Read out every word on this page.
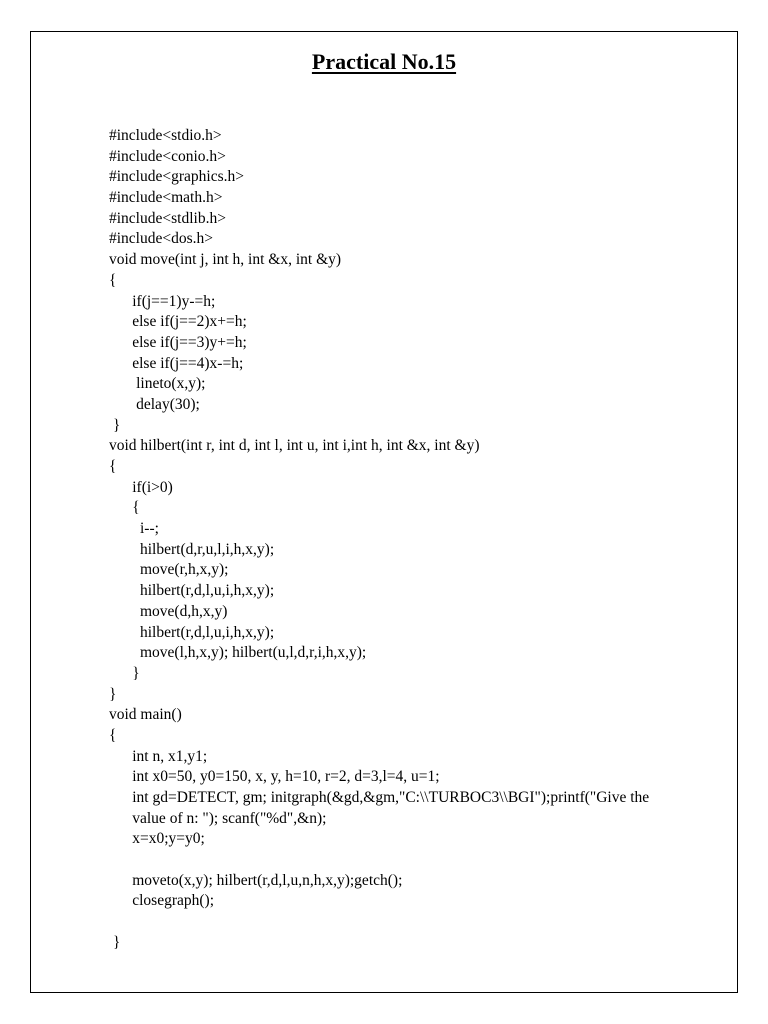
Practical No.15
#include<stdio.h>
#include<conio.h>
#include<graphics.h>
#include<math.h>
#include<stdlib.h>
#include<dos.h>
void move(int j, int h, int &x, int &y)
{
if(j==1)y-=h;
else if(j==2)x+=h;
else if(j==3)y+=h;
else if(j==4)x-=h;
lineto(x,y);
delay(30);
}
void hilbert(int r, int d, int l, int u, int i,int h, int &x, int &y)
{
if(i>0)
{
i--;
hilbert(d,r,u,l,i,h,x,y);
move(r,h,x,y);
hilbert(r,d,l,u,i,h,x,y);
move(d,h,x,y)
hilbert(r,d,l,u,i,h,x,y);
move(l,h,x,y); hilbert(u,l,d,r,i,h,x,y);
}
}
void main()
{
int n, x1,y1;
int x0=50, y0=150, x, y, h=10, r=2, d=3,l=4, u=1;
int gd=DETECT, gm; initgraph(&gd,&gm,"C:\\TURBOC3\\BGI");printf("Give the
value of n: "); scanf("%d",&n);
x=x0;y=y0;
moveto(x,y); hilbert(r,d,l,u,n,h,x,y);getch();
closegraph();
}
